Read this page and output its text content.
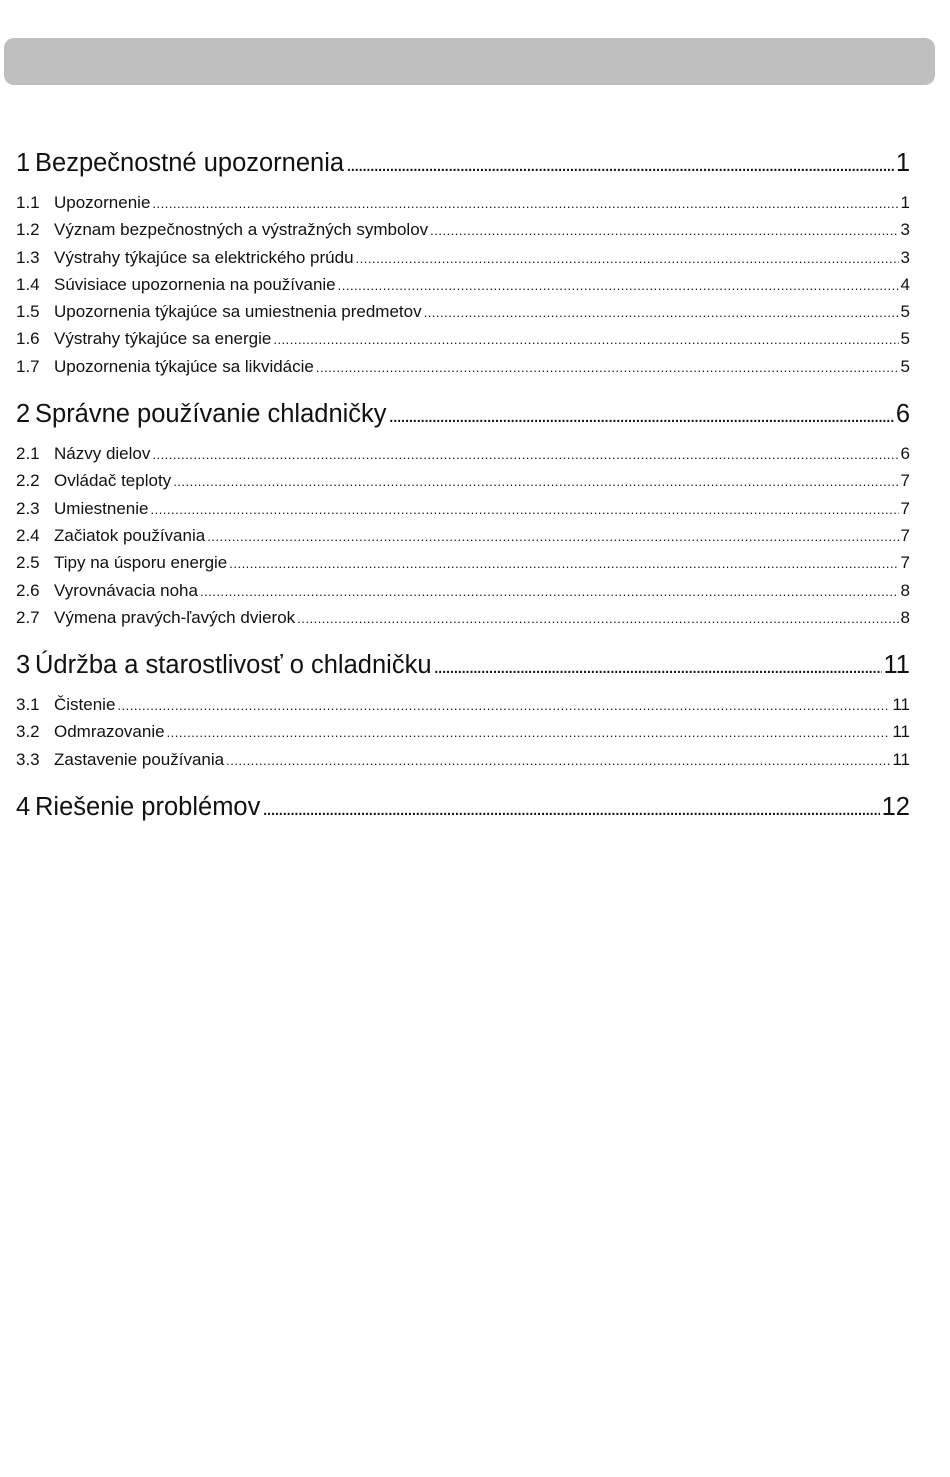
1 Bezpečnostné upozornenia . . .	1
1.1 Upozornenie . . .	1
1.2 Význam bezpečnostných a výstražných symbolov . . .	3
1.3 Výstrahy týkajúce sa elektrického prúdu . . .	3
1.4 Súvisiace upozornenia na používanie . . .	4
1.5 Upozornenia týkajúce sa umiestnenia predmetov . . .	5
1.6 Výstrahy týkajúce sa energie . . .	5
1.7 Upozornenia týkajúce sa likvidácie . . .	5
2 Správne používanie chladničky . . .	6
2.1 Názvy dielov . . .	6
2.2 Ovládač teploty . . .	7
2.3 Umiestnenie . . .	7
2.4 Začiatok používania . . .	7
2.5 Tipy na úsporu energie . . .	7
2.6 Vyrovnávacia noha . . .	8
2.7 Výmena pravých-ľavých dvierok . . .	8
3 Údržba a starostlivosť o chladničku . . .	11
3.1 Čistenie . . .	11
3.2 Odmrazovanie . . .	11
3.3 Zastavenie používania . . .	11
4 Riešenie problémov . . .	12
